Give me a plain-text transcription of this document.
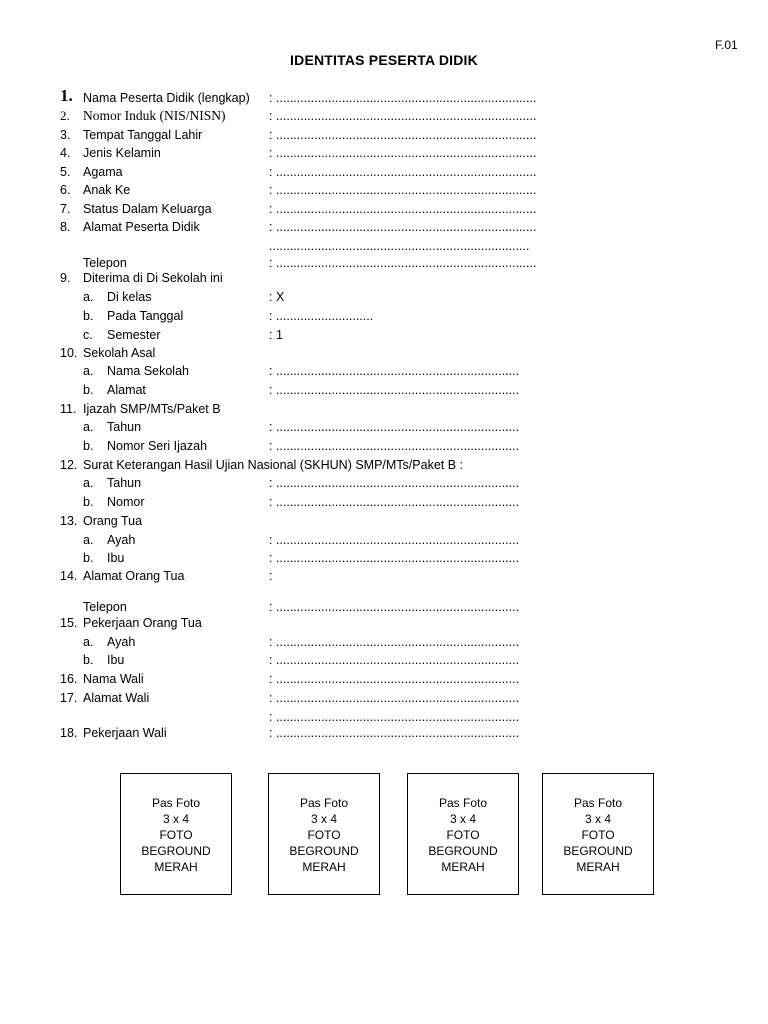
F.01
IDENTITAS PESERTA DIDIK
1. Nama Peserta Didik (lengkap) : ...........................................................................
2. Nomor Induk (NIS/NISN)	: ...........................................................................
3. Tempat Tanggal Lahir	: ...........................................................................
4. Jenis Kelamin	: ...........................................................................
5. Agama	: ...........................................................................
6. Anak Ke	: ...........................................................................
7. Status Dalam Keluarga	: ...........................................................................
8. Alamat Peserta Didik	: ...........................................................................
...........................................................................
Telepon	: ...........................................................................
9. Diterima di Di Sekolah ini
a. Di kelas	: X
b. Pada Tanggal	: ............................
c. Semester	: 1
10. Sekolah Asal
a. Nama Sekolah	: ......................................................................
b. Alamat	: ......................................................................
11. Ijazah SMP/MTs/Paket B
a. Tahun	: ......................................................................
b. Nomor Seri Ijazah	: ......................................................................
12. Surat Keterangan Hasil Ujian Nasional (SKHUN) SMP/MTs/Paket B :
a. Tahun	: ......................................................................
b. Nomor	: ......................................................................
13. Orang Tua
a. Ayah	: ......................................................................
b. Ibu	: ......................................................................
14. Alamat Orang Tua	:
Telepon	: ......................................................................
15. Pekerjaan Orang Tua
a. Ayah	: ......................................................................
b. Ibu	: ......................................................................
16. Nama Wali	: ......................................................................
17. Alamat Wali	: ......................................................................
: ......................................................................
18. Pekerjaan Wali	: ......................................................................
Pas Foto
3 x 4
FOTO
BEGROUND
MERAH
Pas Foto
3 x 4
FOTO
BEGROUND
MERAH
Pas Foto
3 x 4
FOTO
BEGROUND
MERAH
Pas Foto
3 x 4
FOTO
BEGROUND
MERAH
